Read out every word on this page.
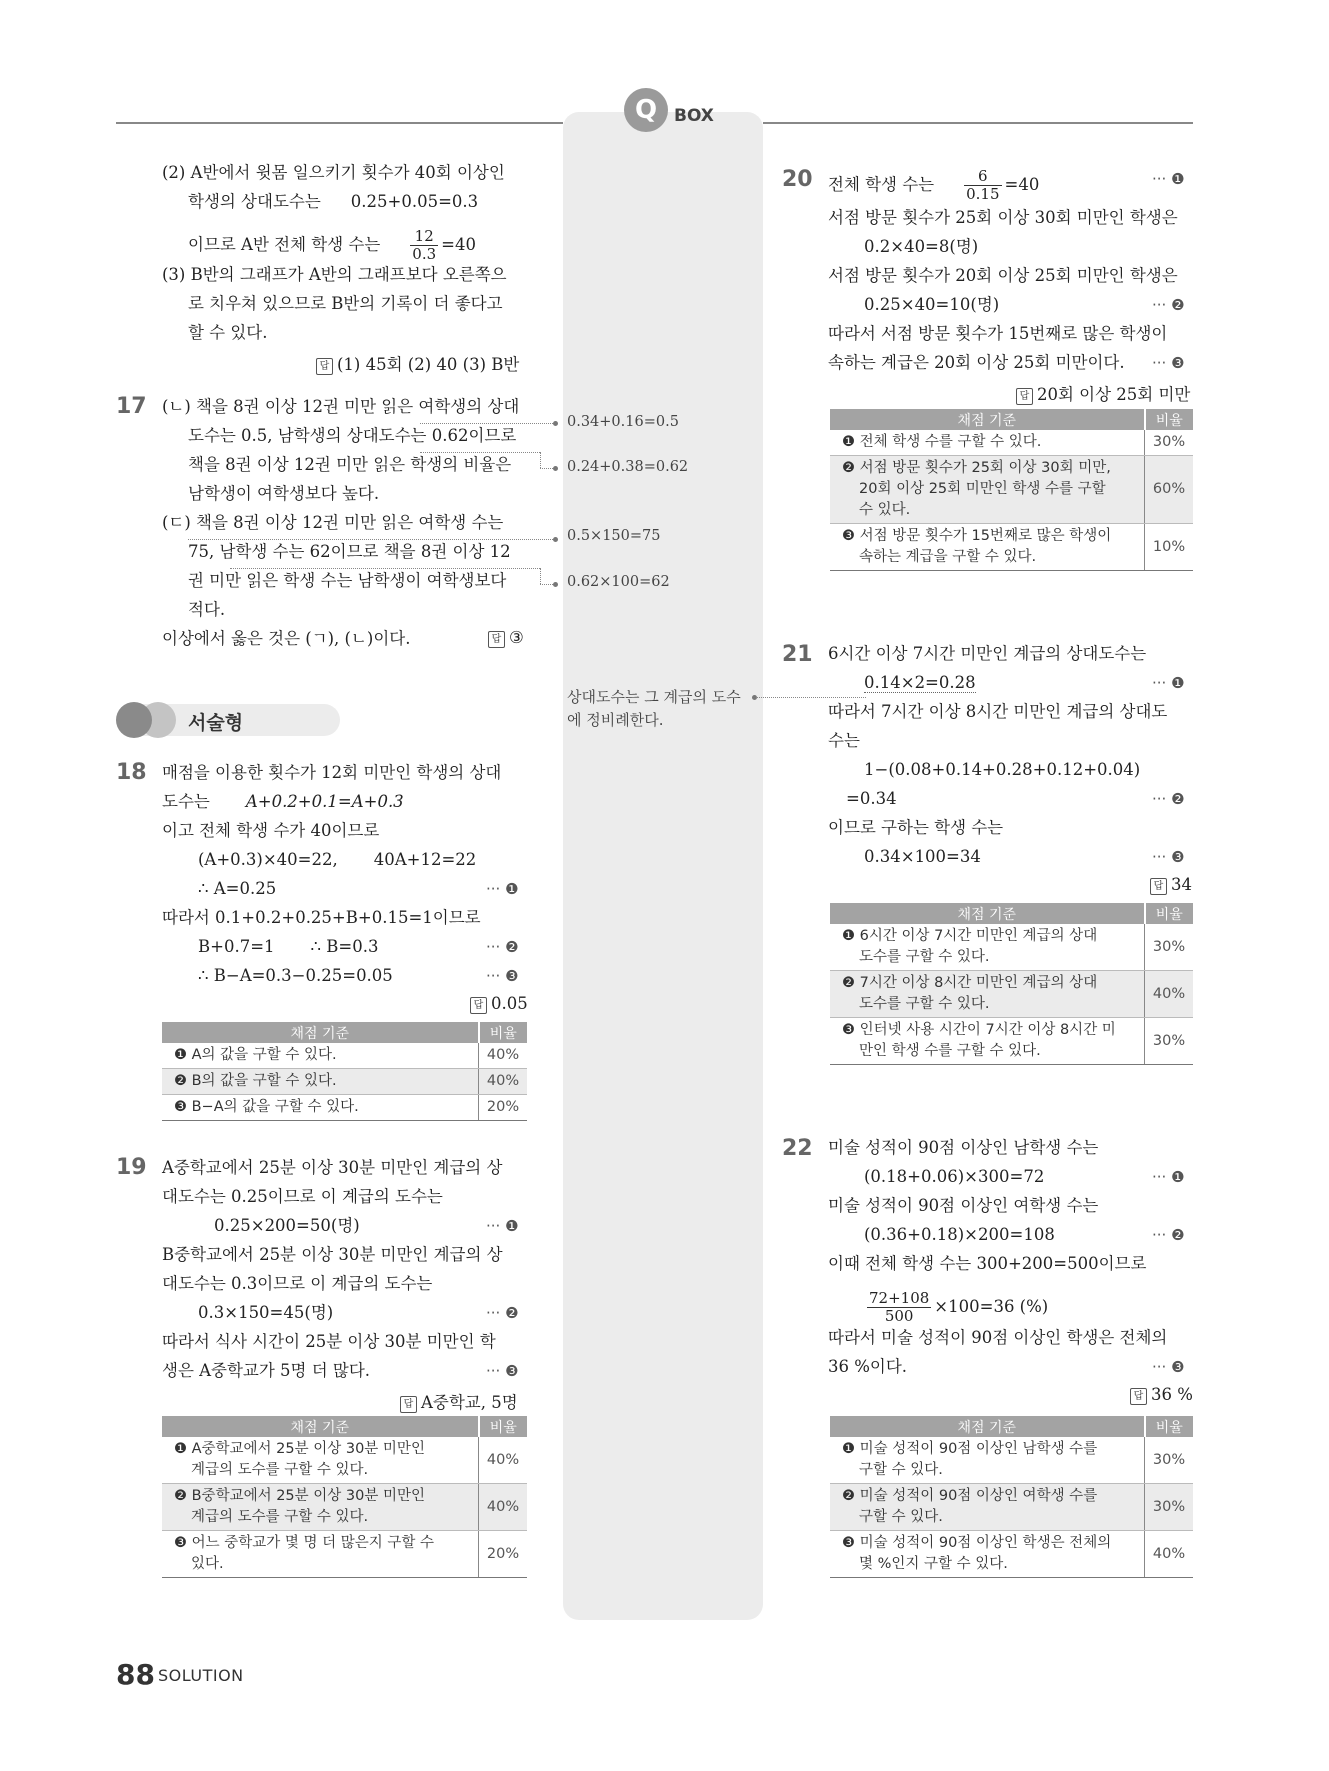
Q BOX
(2) A반에서 윗몸 일으키기 횟수가 40회 이상인
학생의 상대도수는 0.25+0.05=0.3
이므로 A반 전체 학생 수는 $\frac{12}{0.3} =40$
(3) B반의 그래프가 A반의 그래프보다 오른쪽으
로 치우쳐 있으므로 B반의 기록이 더 좋다고
할 수 있다.
답 (1) 45회 (2) 40 (3) B반
17 (ㄴ) 책을 8권 이상 12권 미만 읽은 여학생의 상대
도수는 0.5, 남학생의 상대도수는 0.62이므로
책을 8권 이상 12권 미만 읽은 학생의 비율은
남학생이 여학생보다 높다.
(ㄷ) 책을 8권 이상 12권 미만 읽은 여학생 수는
75, 남학생 수는 62이므로 책을 8권 이상 12
권 미만 읽은 학생 수는 남학생이 여학생보다
적다.
이상에서 옳은 것은 (ㄱ), (ㄴ)이다.	답 ③
서술형
18 매점을 이용한 횟수가 12회 미만인 학생의 상대
도수는 A+0.2+0.1=A+0.3
이고 전체 학생 수가 40이므로
(A+0.3)×40=22, 40A+12=22
∴ A=0.25	··· ❶
따라서 0.1+0.2+0.25+B+0.15=1이므로
B+0.7=1 ∴ B=0.3	··· ❷
∴ B−A=0.3−0.25=0.05	··· ❸
답 0.05
채점 기준	비율
❶ A의 값을 구할 수 있다.	40%
❷ B의 값을 구할 수 있다.	40%
❸ B−A의 값을 구할 수 있다.	20%
19 A중학교에서 25분 이상 30분 미만인 계급의 상
대도수는 0.25이므로 이 계급의 도수는
0.25×200=50(명)	··· ❶
B중학교에서 25분 이상 30분 미만인 계급의 상
대도수는 0.3이므로 이 계급의 도수는
0.3×150=45(명)	··· ❷
따라서 식사 시간이 25분 이상 30분 미만인 학
생은 A중학교가 5명 더 많다.	··· ❸
답 A중학교, 5명
채점 기준	비율
❶ A중학교에서 25분 이상 30분 미만인
계급의 도수를 구할 수 있다.	40%
❷ B중학교에서 25분 이상 30분 미만인
계급의 도수를 구할 수 있다.	40%
❸ 어느 중학교가 몇 명 더 많은지 구할 수
있다.	20%
0.34+0.16=0.5
0.24+0.38=0.62
0.5×150=75
0.62×100=62
상대도수는 그 계급의 도수
에 정비례한다.
20 전체 학생 수는 $\frac{6}{0.15} =40$	··· ❶
서점 방문 횟수가 25회 이상 30회 미만인 학생은
0.2×40=8(명)
서점 방문 횟수가 20회 이상 25회 미만인 학생은
0.25×40=10(명)	··· ❷
따라서 서점 방문 횟수가 15번째로 많은 학생이
속하는 계급은 20회 이상 25회 미만이다. ··· ❸
답 20회 이상 25회 미만
채점 기준	비율
❶ 전체 학생 수를 구할 수 있다.	30%
❷ 서점 방문 횟수가 25회 이상 30회 미만,
20회 이상 25회 미만인 학생 수를 구할
수 있다.	60%
❸ 서점 방문 횟수가 15번째로 많은 학생이
속하는 계급을 구할 수 있다.	10%
21 6시간 이상 7시간 미만인 계급의 상대도수는
0.14×2=0.28	··· ❶
따라서 7시간 이상 8시간 미만인 계급의 상대도
수는
1−(0.08+0.14+0.28+0.12+0.04)
=0.34	··· ❷
이므로 구하는 학생 수는
0.34×100=34	··· ❸
답 34
채점 기준	비율
❶ 6시간 이상 7시간 미만인 계급의 상대
도수를 구할 수 있다.	30%
❷ 7시간 이상 8시간 미만인 계급의 상대
도수를 구할 수 있다.	40%
❸ 인터넷 사용 시간이 7시간 이상 8시간 미
만인 학생 수를 구할 수 있다.	30%
22 미술 성적이 90점 이상인 남학생 수는
(0.18+0.06)×300=72	··· ❶
미술 성적이 90점 이상인 여학생 수는
(0.36+0.18)×200=108	··· ❷
이때 전체 학생 수는 300+200=500이므로
$\frac{72+108}{500} \times 100=36$ (%)
따라서 미술 성적이 90점 이상인 학생은 전체의
36 %이다.	··· ❸
답 36 %
채점 기준	비율
❶ 미술 성적이 90점 이상인 남학생 수를
구할 수 있다.	30%
❷ 미술 성적이 90점 이상인 여학생 수를
구할 수 있다.	30%
❸ 미술 성적이 90점 이상인 학생은 전체의
몇 %인지 구할 수 있다.	40%
88 SOLUTION
